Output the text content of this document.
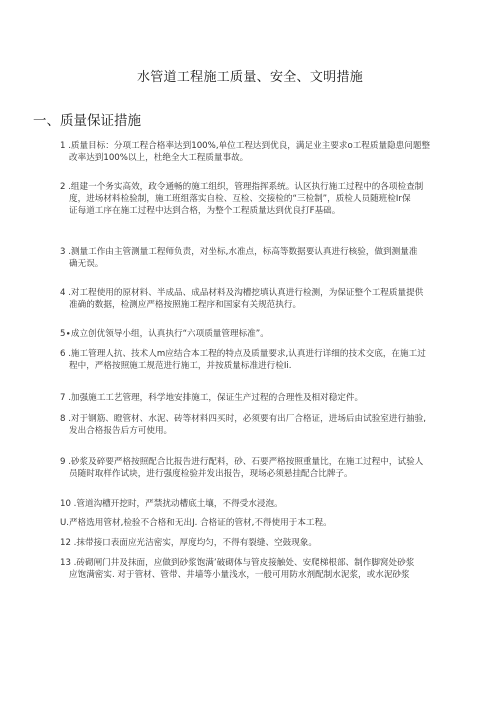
水管道工程施工质量、安全、文明措施
一、质量保证措施
1 .质量目标：分项工程合格率达到100%,单位工程达到优良，满足业主要求o工程质量隐患问题整
改率达到100%以上，杜绝全大工程质量事故。
2 .组建一个务实高效，政令通畅的施工组织，管理指挥系统。认区执行施工过程中的各项检查制
度，进场材料检验制，施工班组落实自检、互检、交接检的“三检制”，质检人员随班检Ir保
证每道工序在施工过程中达到合格，为整个工程质量达到优良打F基础。
3 .测量工作由主管测量工程师负责，对坐标,水准点，标高等数据要认真进行核验，做到测量准
确无误。
4 .对工程使用的原材料、半成品、成品材料及沟槽挖填认真进行检测，为保证整个工程质量提供
准确的数据，检测应严格按照施工程序和国家有关规范执行。
5∙成立创优领导小组，认真执行“六项质量管理标准”。
6 .施工管理人抗、技术人m应结合本工程的特点及质量要求,认真进行详细的技术交底，在施工过
程中，严格按照施工规范进行施工，并按质量标准进行检Ii.
7 .加强施工工艺管理，科学地安排施工，保证生产过程的合理性及相对稳定件。
8 .对于钢筋、瞪管材、水泥、砖等材料四买时，必须要有出厂合格证，进场后由试验室进行抽验,
发出合格报告后方可使用。
9 .砂浆及碎要严格按照配合比报告进行配料，砂、石要严格按照重量比，在施工过程中，试验人
员随时取样作试块，进行强度检验并发出报告，现场必须悬挂配合比牌子。
10 .管道沟槽开挖时，严禁扰动槽底土壤，不得受水浸泡。
U.严格选用管材,检验不合格和无出J. 合格证的管材,不得使用于本工程。
12 .抹带接口表面应光洁密实，厚度均匀，不得有裂缝、空鼓现象。
13 .砖砌闸门井及抹面，应做到砂浆饱满’破砌体与管皮接触处、安爬梯根部、制作脚窝处砂浆
应饱满密实. 对于管材、管带、井墙等小量浅水，一般可用防水剂配制水泥浆，或水泥砂浆
